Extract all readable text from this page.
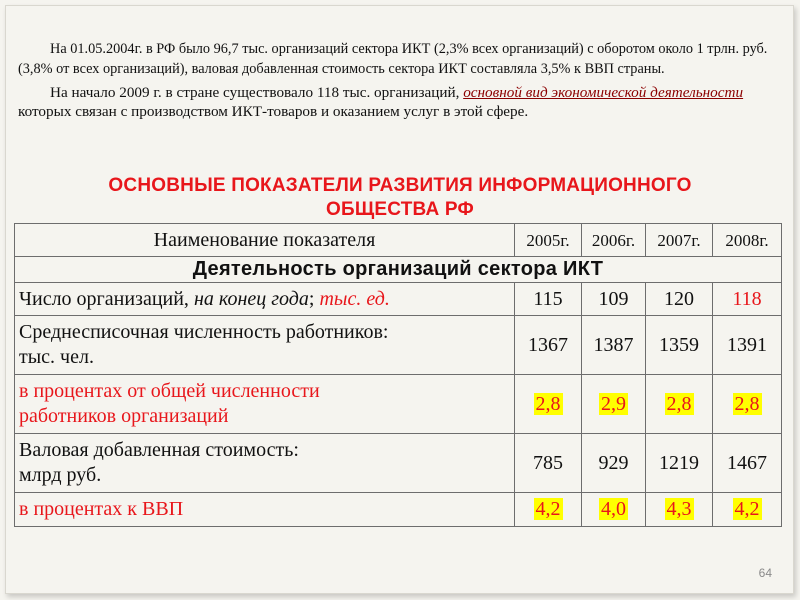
На 01.05.2004г. в РФ было 96,7 тыс. организаций сектора ИКТ (2,3% всех организаций) с оборотом около 1 трлн. руб. (3,8% от всех организаций), валовая добавленная стоимость сектора ИКТ составляла 3,5% к ВВП страны.

На начало 2009 г. в стране существовало 118 тыс. организаций, основной вид экономической деятельности которых связан с производством ИКТ-товаров и оказанием услуг в этой сфере.

ОСНОВНЫЕ ПОКАЗАТЕЛИ РАЗВИТИЯ ИНФОРМАЦИОННОГО
ОБЩЕСТВА РФ
Наименование показателя	2005г.	2006г.	2007г.	2008г.
Деятельность организаций сектора ИКТ				
Число организаций, на конец года; тыс. ед.	115	109	120	118

Среднесписочная численность работников:
тыс. чел.	1367	1387	1359	1391

в процентах от общей численности
работников организаций	2,8	2,9	2,8	2,8

Валовая добавленная стоимость:
млрд руб.	785	929	1219	1467
в процентах к ВВП	4,2	4,0	4,3	4,2
64
